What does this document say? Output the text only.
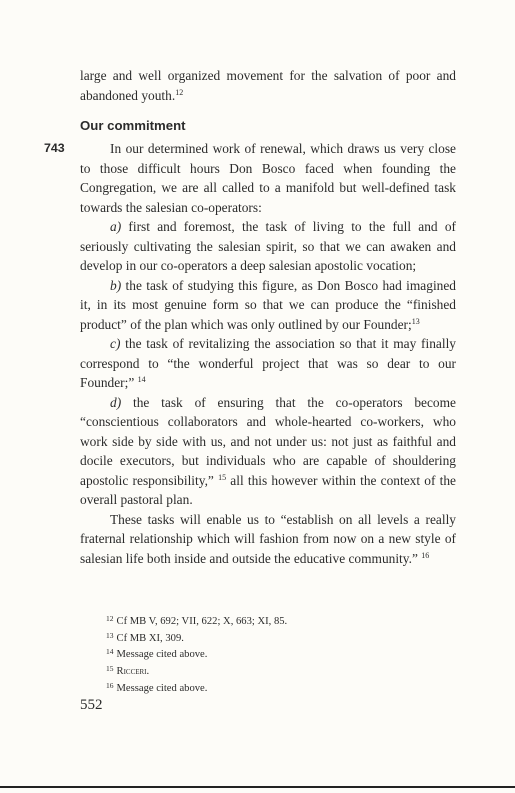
large and well organized movement for the salvation of poor and abandoned youth.$^{12}$

Our commitment
743	In our determined work of renewal, which draws us very close to those difficult hours Don Bosco faced when founding the Congregation, we are all called to a manifold but well-defined task towards the salesian co-operators:

a) first and foremost, the task of living to the full and of seriously cultivating the salesian spirit, so that we can awaken and develop in our co-operators a deep salesian apostolic vocation;

b) the task of studying this figure, as Don Bosco had imagined it, in its most genuine form so that we can produce the “finished product” of the plan which was only outlined by our Founder;$^{13}$

c) the task of revitalizing the association so that it may finally correspond to “the wonderful project that was so dear to our Founder;” $^{14}$

d) the task of ensuring that the co-operators become “conscientious collaborators and whole-hearted co-workers, who work side by side with us, and not under us: not just as faithful and docile executors, but individuals who are capable of shouldering apostolic responsibility,” $^{15}$ all this however within the context of the overall pastoral plan.

These tasks will enable us to “establish on all levels a really fraternal relationship which will fashion from now on a new style of salesian life both inside and outside the educative community.” $^{16}$

$^{12}$ Cf MB V, 692; VII, 622; X, 663; XI, 85.
$^{13}$ Cf MB XI, 309.
$^{14}$ Message cited above.
$^{15}$ Ricceri.
$^{16}$ Message cited above.
552
